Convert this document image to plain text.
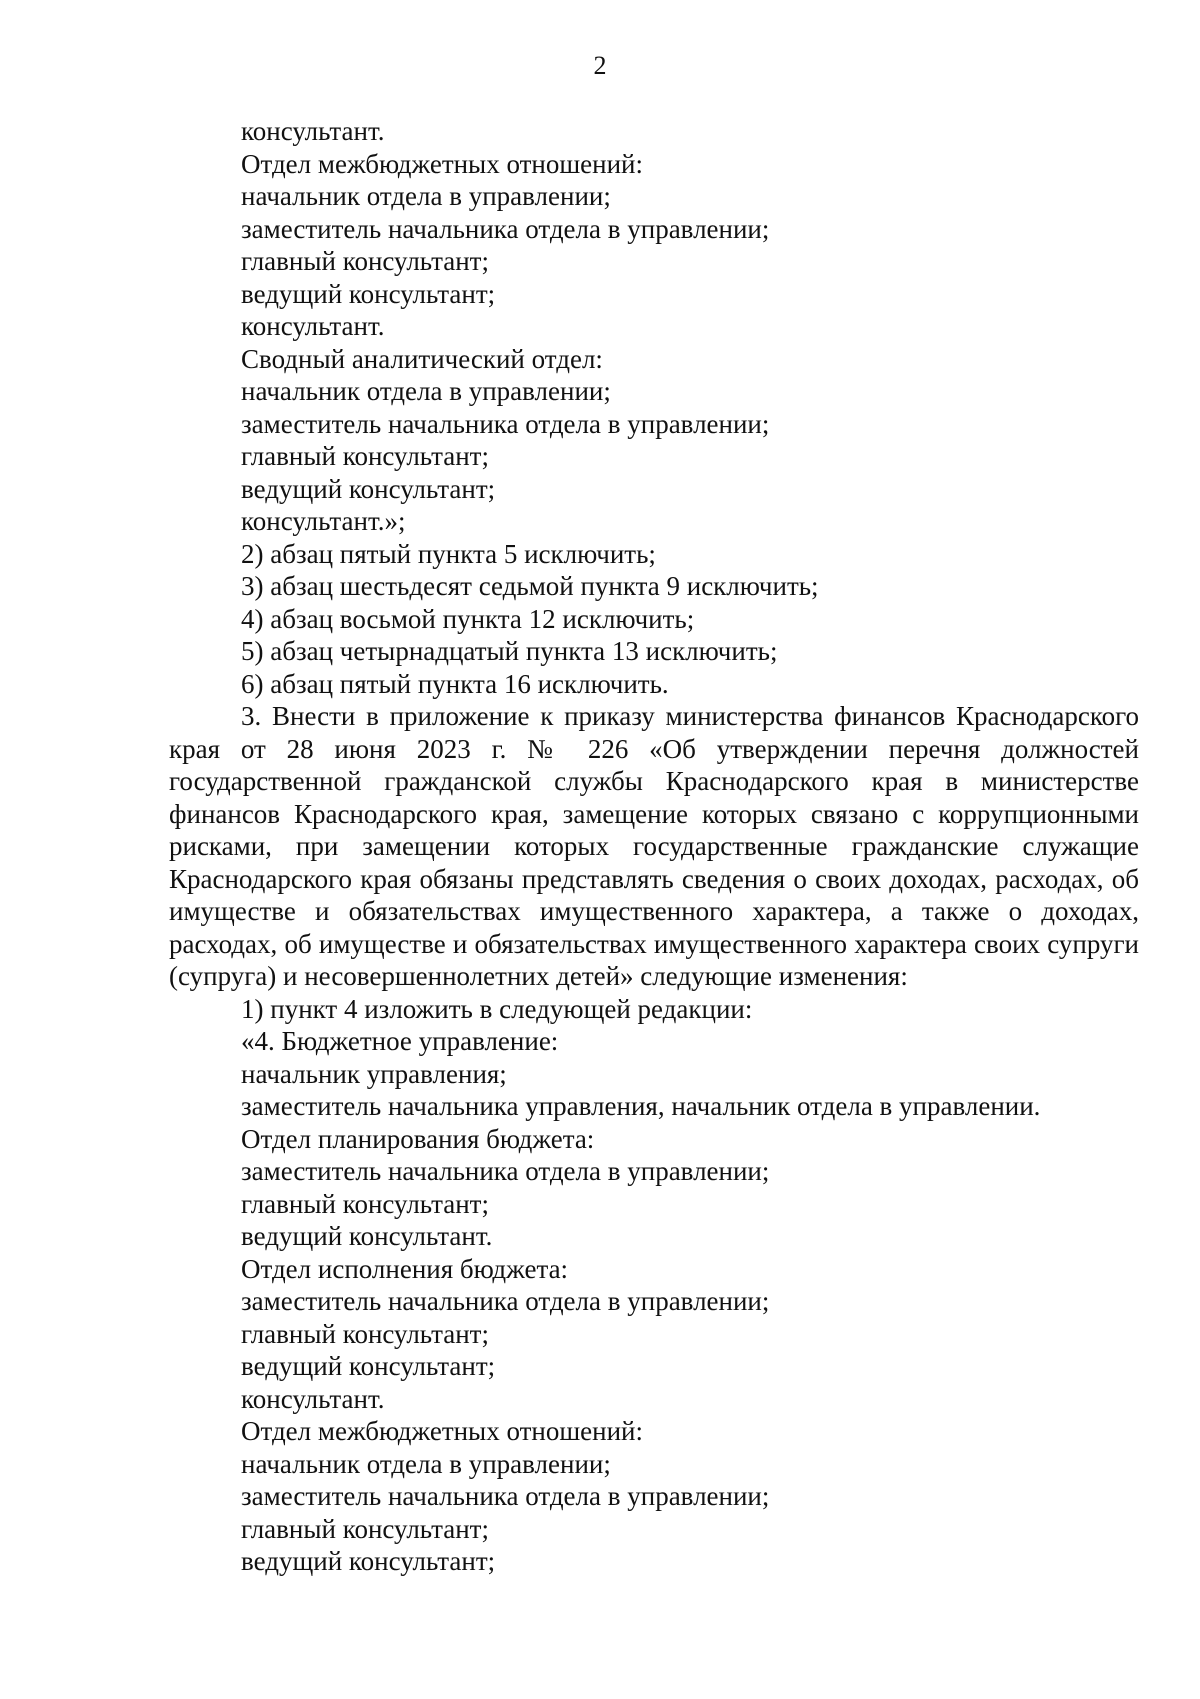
2
консультант.
Отдел межбюджетных отношений:
начальник отдела в управлении;
заместитель начальника отдела в управлении;
главный консультант;
ведущий консультант;
консультант.
Сводный аналитический отдел:
начальник отдела в управлении;
заместитель начальника отдела в управлении;
главный консультант;
ведущий консультант;
консультант.»;
2) абзац пятый пункта 5 исключить;
3) абзац шестьдесят седьмой пункта 9 исключить;
4) абзац восьмой пункта 12 исключить;
5) абзац четырнадцатый пункта 13 исключить;
6) абзац пятый пункта 16 исключить.

3. Внести в приложение к приказу министерства финансов Краснодарского края от 28 июня 2023 г. № 226 «Об утверждении перечня должностей государственной гражданской службы Краснодарского края в министерстве финансов Краснодарского края, замещение которых связано с коррупционными рисками, при замещении которых государственные гражданские служащие Краснодарского края обязаны представлять сведения о своих доходах, расходах, об имуществе и обязательствах имущественного характера, а также о доходах, расходах, об имуществе и обязательствах имущественного характера своих супруги (супруга) и несовершеннолетних детей» следующие изменения:

1) пункт 4 изложить в следующей редакции:
«4. Бюджетное управление:
начальник управления;
заместитель начальника управления, начальник отдела в управлении.
Отдел планирования бюджета:
заместитель начальника отдела в управлении;
главный консультант;
ведущий консультант.
Отдел исполнения бюджета:
заместитель начальника отдела в управлении;
главный консультант;
ведущий консультант;
консультант.
Отдел межбюджетных отношений:
начальник отдела в управлении;
заместитель начальника отдела в управлении;
главный консультант;
ведущий консультант;
